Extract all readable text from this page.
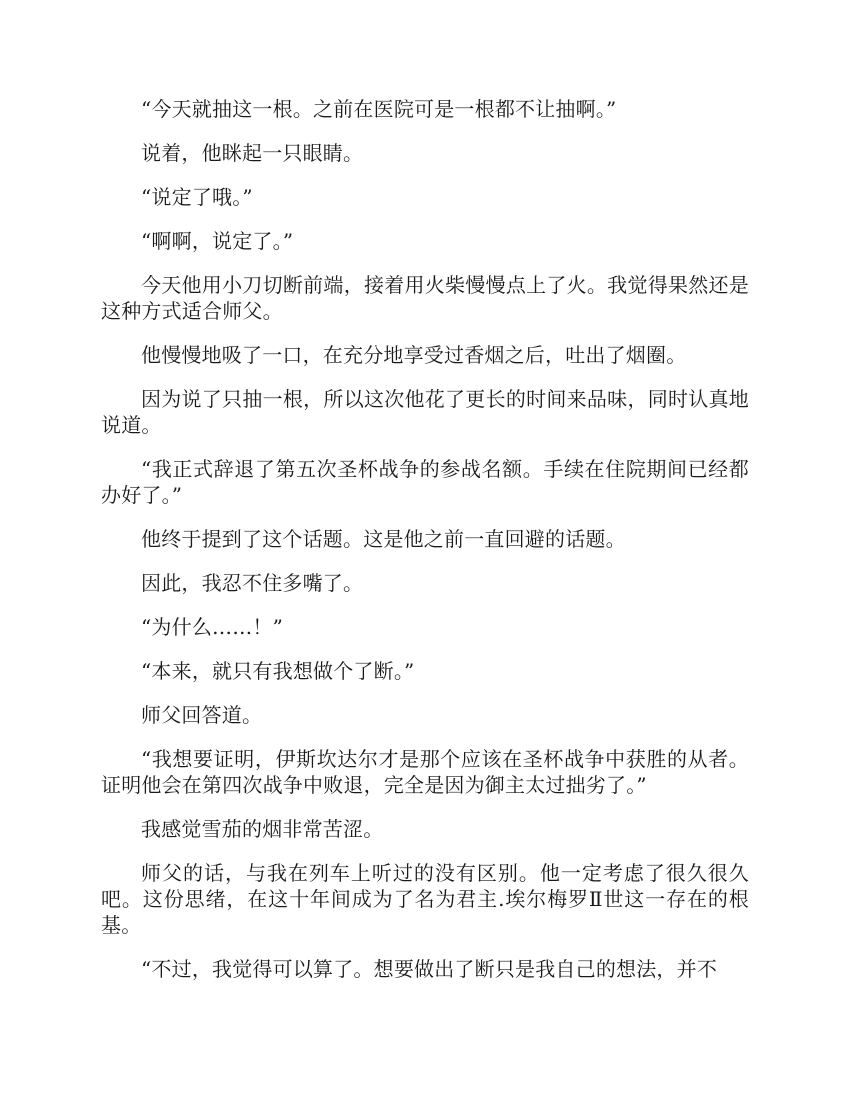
“今天就抽这一根。之前在医院可是一根都不让抽啊。”

说着，他眯起一只眼睛。

“说定了哦。”

“啊啊，说定了。”

今天他用小刀切断前端，接着用火柴慢慢点上了火。我觉得果然还是这种方式适合师父。

他慢慢地吸了一口，在充分地享受过香烟之后，吐出了烟圈。

因为说了只抽一根，所以这次他花了更长的时间来品味，同时认真地说道。

“我正式辞退了第五次圣杯战争的参战名额。手续在住院期间已经都办好了。”

他终于提到了这个话题。这是他之前一直回避的话题。

因此，我忍不住多嘴了。

“为什么……！”

“本来，就只有我想做个了断。”

师父回答道。

“我想要证明，伊斯坎达尔才是那个应该在圣杯战争中获胜的从者。证明他会在第四次战争中败退，完全是因为御主太过拙劣了。”

我感觉雪茄的烟非常苦涩。

师父的话，与我在列车上听过的没有区别。他一定考虑了很久很久吧。这份思绪，在这十年间成为了名为君主.埃尔梅罗Ⅱ世这一存在的根基。

“不过，我觉得可以算了。想要做出了断只是我自己的想法，并不
